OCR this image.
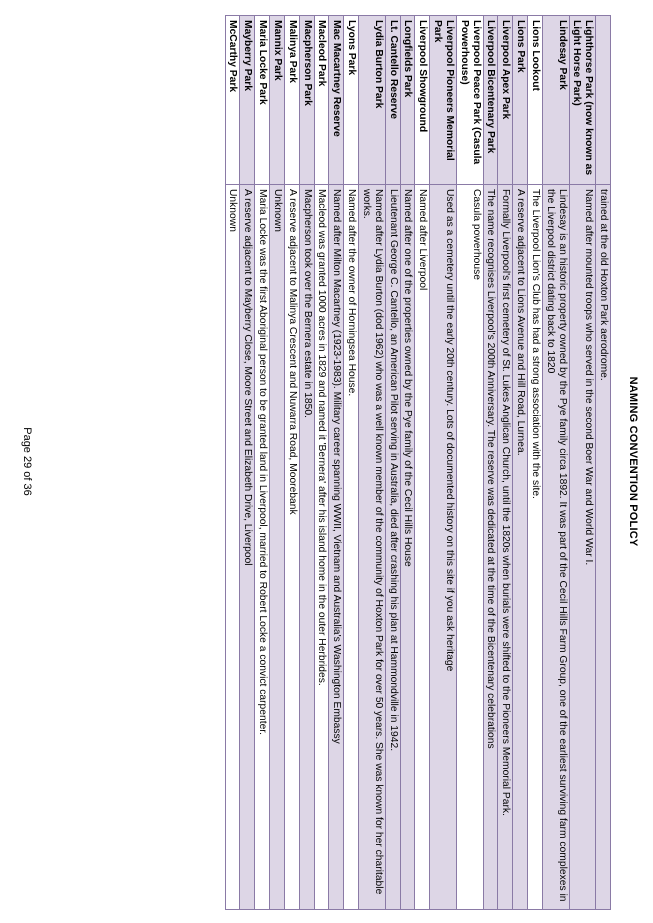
NAMING CONVENTION POLICY
	trained at the old Hoxton Park aerodrome.
Lighthorse Park (now known as Light Horse Park)	Named after mounted troops who served in the second Boer War and World War I.
Lindesay Park	Lindesay is an historic property owned by the Pye family circa 1892. It was part of the Cecil Hills Farm Group, one of the earliest surviving farm complexes in the Liverpool district dating back to 1820
Lions Lookout	The Liverpool Lion's Club has had a strong association with the site.
Lions Park	A reserve adjacent to Lions Avenue and Hill Road, Lurnea.
Liverpool Apex Park	Formally Liverpool's first cemetery of St. Lukes Anglican Church, until the 1820s when burials were shifted to the Pioneers Memorial Park.
Liverpool Bicentenary Park	The name recognises Liverpool's 200th Anniversary. The reserve was dedicated at the time of the Bicentenary celebrations
Liverpool Peace Park (Casula Powerhouse)	Casula powerhouse
Liverpool Pioneers Memorial Park	Used as a cemetery until the early 20th century. Lots of documented history on this site if you ask heritage
Liverpool Showground	Named after Liverpool
Longfields Park	Named after one of the properties owned by the Pye family of the Cecil Hills House
Lt. Cantello Reserve	Lieutenant George C. Cantello, an American Pilot serving in Australia, died after crashing his plan at Hammondville in 1942.
Lydia Burton Park	Named after Lydia Burton (dod 1962) who was a well known member of the community of Hoxton Park for over 50 years. She was known for her charitable works.
Lyons Park	Named after the owner of Horningsea House.
Mac Macartney Reserve	Named after Milton Macartney (1923-1983). Military career spanning WWII, Vietnam and Australia's Washington Embassy
Macleod Park	Macleod was granted 1000 acres in 1829 and named it 'Bernera' after his island home in the outer Herbrides.
Macpherson Park	Macpherson took over the Bernera estate in 1850.
Malinya Park	A reserve adjacent to Malinya Crescent and Nuwarra Road, Moorebank
Mannix Park	Unknown
Maria Locke Park	Maria Locke was the first Aboriginal person to be granted land in Liverpool, married to Robert Locke a convict carpenter.
Mayberry Park	A reserve adjacent to Mayberry Close, Moore Street and Elizabeth Drive, Liverpool
McCarthy Park	Unknown
Page 29 of 36
